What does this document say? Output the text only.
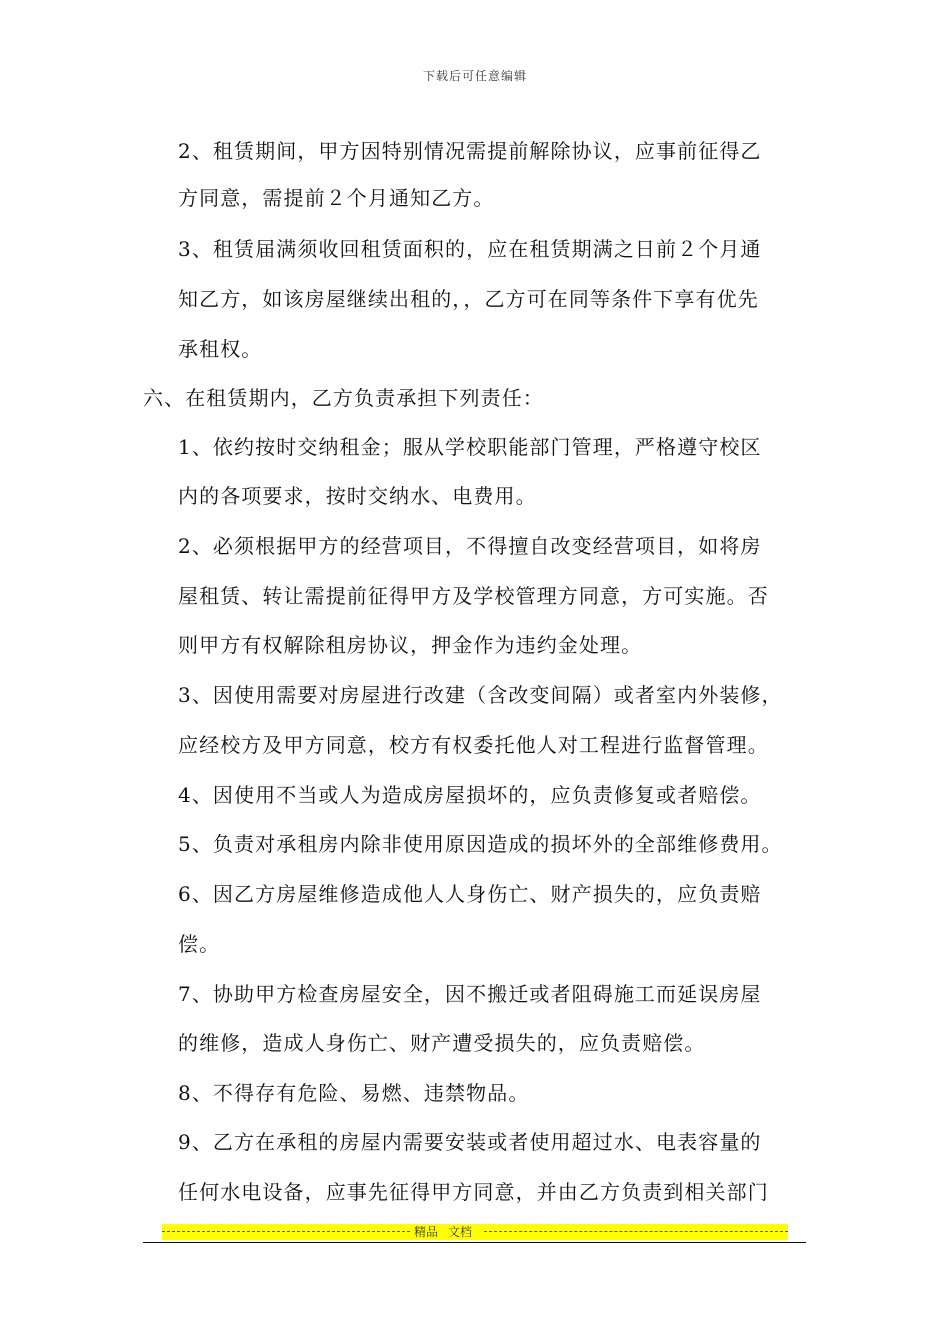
下载后可任意编辑
2、租赁期间，甲方因特别情况需提前解除协议，应事前征得乙
方同意，需提前２个月通知乙方。
3、租赁届满须收回租赁面积的，应在租赁期满之日前２个月通
知乙方，如该房屋继续出租的，，乙方可在同等条件下享有优先
承租权。
六、在租赁期内，乙方负责承担下列责任：
1、依约按时交纳租金；服从学校职能部门管理，严格遵守校区
内的各项要求，按时交纳水、电费用。
2、必须根据甲方的经营项目，不得擅自改变经营项目，如将房
屋租赁、转让需提前征得甲方及学校管理方同意，方可实施。否
则甲方有权解除租房协议，押金作为违约金处理。
3、因使用需要对房屋进行改建（含改变间隔）或者室内外装修，
应经校方及甲方同意，校方有权委托他人对工程进行监督管理。
4、因使用不当或人为造成房屋损坏的，应负责修复或者赔偿。
5、负责对承租房内除非使用原因造成的损坏外的全部维修费用。
6、因乙方房屋维修造成他人人身伤亡、财产损失的，应负责赔
偿。
7、协助甲方检查房屋安全，因不搬迁或者阻碍施工而延误房屋
的维修，造成人身伤亡、财产遭受损失的，应负责赔偿。
8、不得存有危险、易燃、违禁物品。
9、乙方在承租的房屋内需要安装或者使用超过水、电表容量的
任何水电设备，应事先征得甲方同意，并由乙方负责到相关部门
精品 文档
